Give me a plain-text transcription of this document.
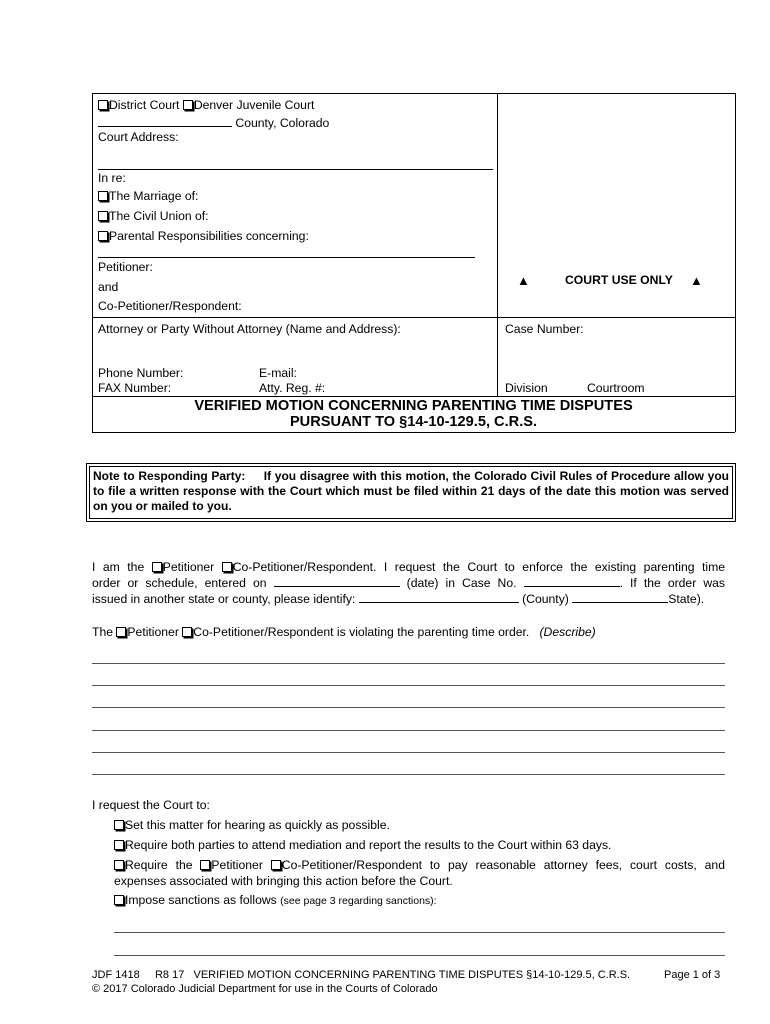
District Court Denver Juvenile Court
County, Colorado
Court Address:
In re:
The Marriage of:
The Civil Union of:
Parental Responsibilities concerning:
Petitioner:
and
Co-Petitioner/Respondent:
▲	COURT USE ONLY ▲
Attorney or Party Without Attorney (Name and Address):
Phone Number:	E-mail:
FAX Number:	Atty. Reg. #:
Case Number:
Division	Courtroom
VERIFIED MOTION CONCERNING PARENTING TIME DISPUTES
PURSUANT TO §14-10-129.5, C.R.S.
Note to Responding Party: If you disagree with this motion, the Colorado Civil Rules of Procedure allow you to file a written response with the Court which must be filed within 21 days of the date this motion was served on you or mailed to you.
I am the Petitioner Co-Petitioner/Respondent. I request the Court to enforce the existing parenting time
order or schedule, entered on	(date) in Case No.	. If the order was
issued in another state or county, please identify:	(County)	State).
The Petitioner Co-Petitioner/Respondent is violating the parenting time order. (Describe)
I request the Court to:
Set this matter for hearing as quickly as possible.
Require both parties to attend mediation and report the results to the Court within 63 days.
Require the Petitioner Co-Petitioner/Respondent to pay reasonable attorney fees, court costs, and
expenses associated with bringing this action before the Court.
Impose sanctions as follows (see page 3 regarding sanctions):
JDF 1418     R8 17   VERIFIED MOTION CONCERNING PARENTING TIME DISPUTES §14-10-129.5, C.R.S.	Page 1 of 3
© 2017 Colorado Judicial Department for use in the Courts of Colorado
